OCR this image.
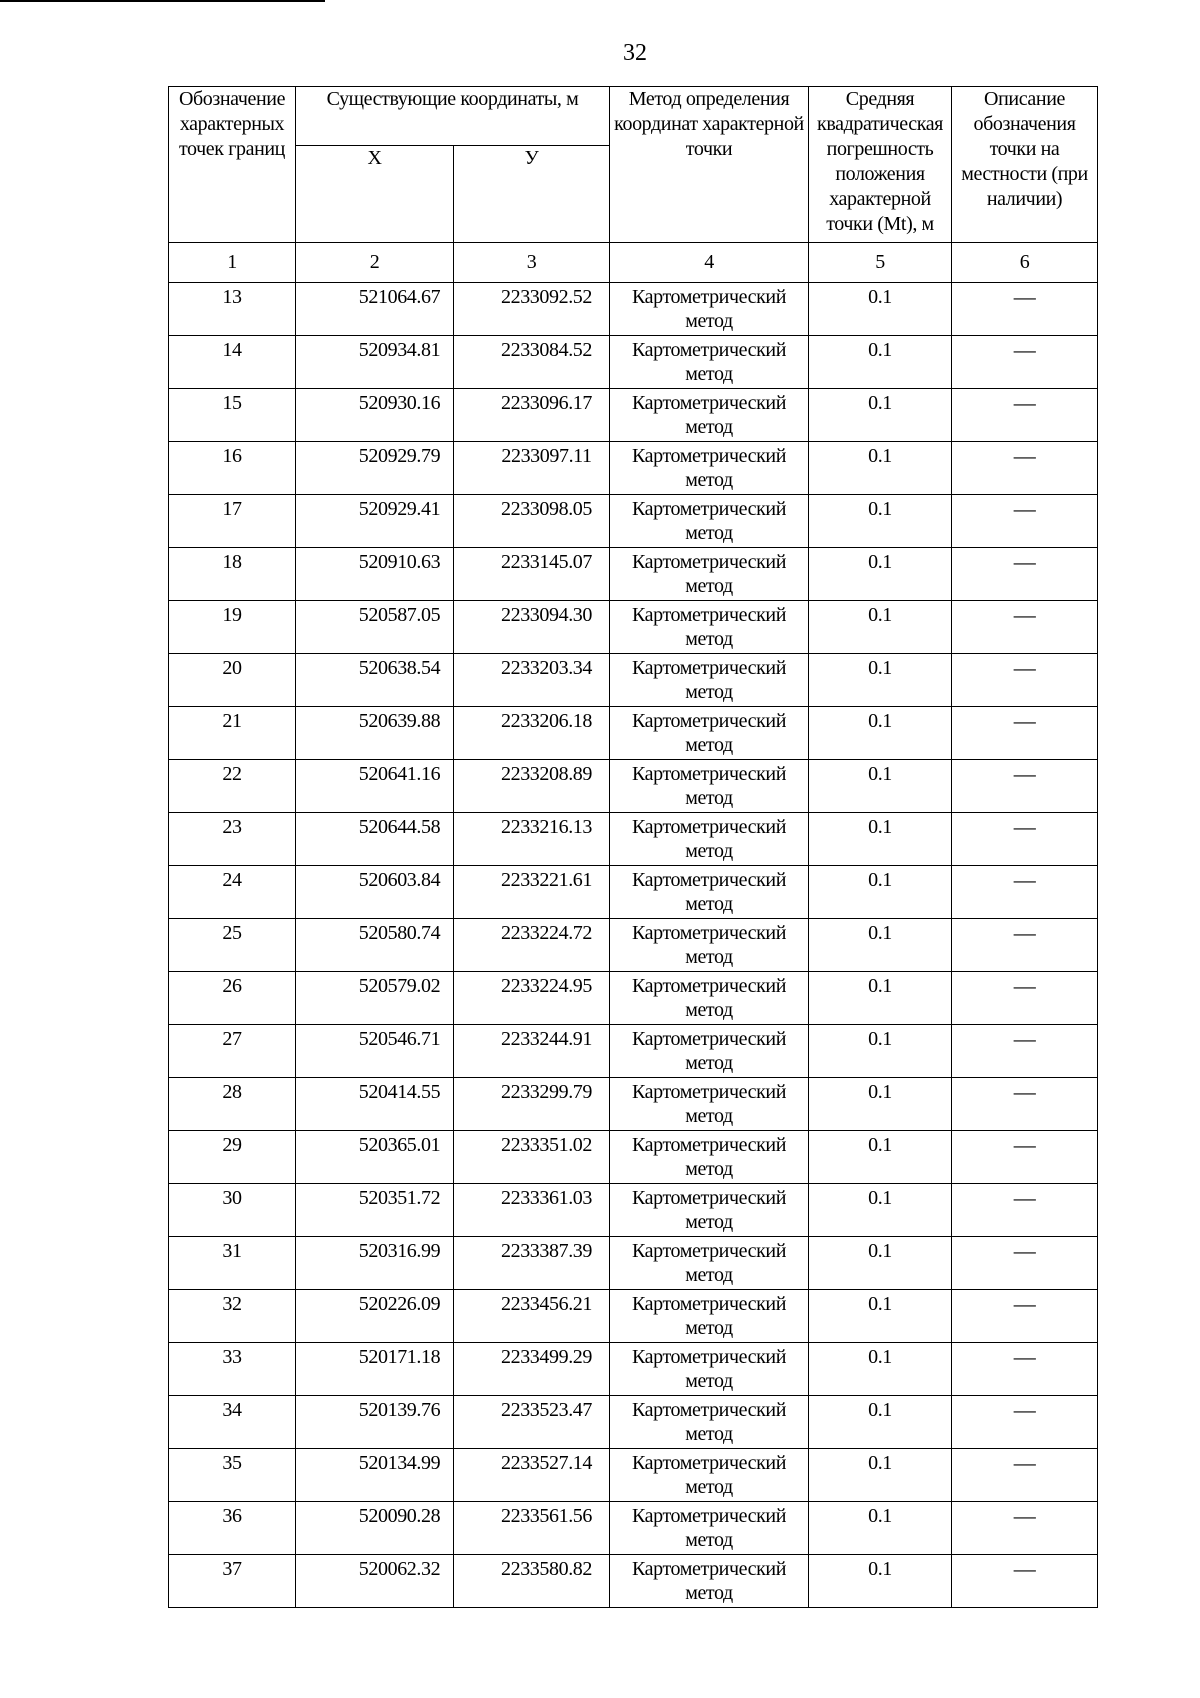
32
Обозначение характерных точек границ	Существующие координаты, м		Метод определения координат характерной точки	Средняя квадратическая погрешность положения характерной точки (Mt), м	Описание обозначения точки на местности (при наличии)
	X	У			
1	2	3	4	5	6
13	521064.67	2233092.52	Картометрический метод	0.1	—
14	520934.81	2233084.52	Картометрический метод	0.1	—
15	520930.16	2233096.17	Картометрический метод	0.1	—
16	520929.79	2233097.11	Картометрический метод	0.1	—
17	520929.41	2233098.05	Картометрический метод	0.1	—
18	520910.63	2233145.07	Картометрический метод	0.1	—
19	520587.05	2233094.30	Картометрический метод	0.1	—
20	520638.54	2233203.34	Картометрический метод	0.1	—
21	520639.88	2233206.18	Картометрический метод	0.1	—
22	520641.16	2233208.89	Картометрический метод	0.1	—
23	520644.58	2233216.13	Картометрический метод	0.1	—
24	520603.84	2233221.61	Картометрический метод	0.1	—
25	520580.74	2233224.72	Картометрический метод	0.1	—
26	520579.02	2233224.95	Картометрический метод	0.1	—
27	520546.71	2233244.91	Картометрический метод	0.1	—
28	520414.55	2233299.79	Картометрический метод	0.1	—
29	520365.01	2233351.02	Картометрический метод	0.1	—
30	520351.72	2233361.03	Картометрический метод	0.1	—
31	520316.99	2233387.39	Картометрический метод	0.1	—
32	520226.09	2233456.21	Картометрический метод	0.1	—
33	520171.18	2233499.29	Картометрический метод	0.1	—
34	520139.76	2233523.47	Картометрический метод	0.1	—
35	520134.99	2233527.14	Картометрический метод	0.1	—
36	520090.28	2233561.56	Картометрический метод	0.1	—
37	520062.32	2233580.82	Картометрический метод	0.1	—
